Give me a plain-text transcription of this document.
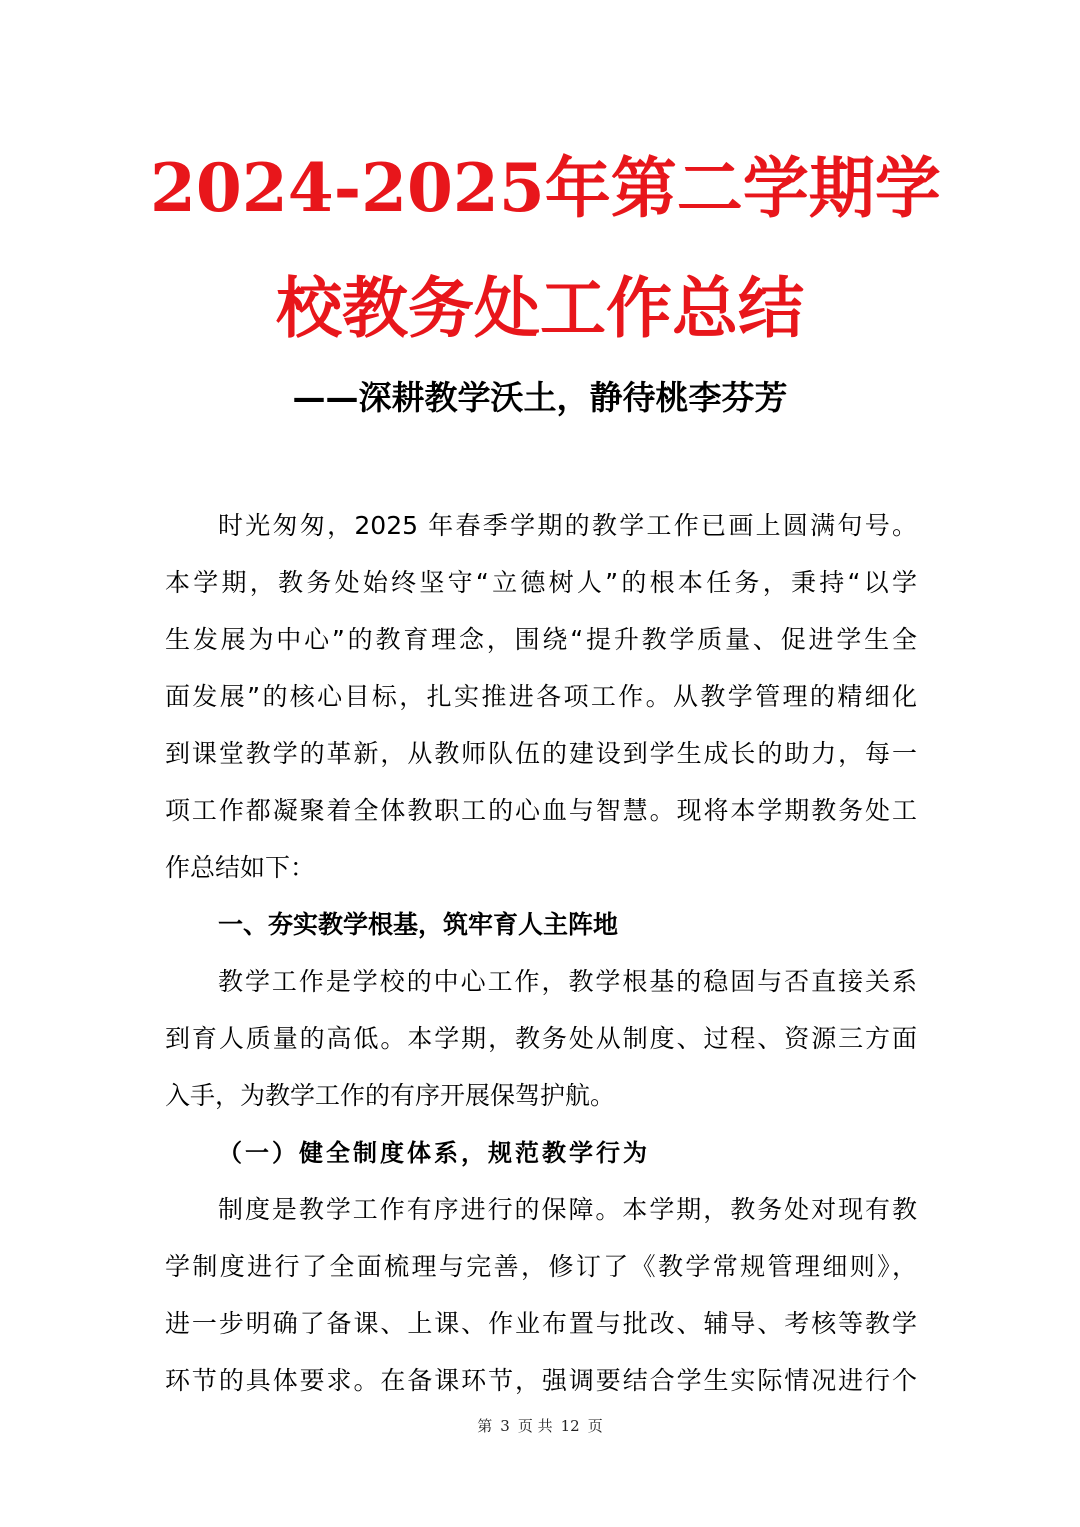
2024-2025年第二学期学
校教务处工作总结
——深耕教学沃土，静待桃李芬芳
时光匆匆，2025 年春季学期的教学工作已画上圆满句号。
本学期，教务处始终坚守“立德树人”的根本任务，秉持“以学
生发展为中心”的教育理念，围绕“提升教学质量、促进学生全
面发展”的核心目标，扎实推进各项工作。从教学管理的精细化
到课堂教学的革新，从教师队伍的建设到学生成长的助力，每一
项工作都凝聚着全体教职工的心血与智慧。现将本学期教务处工
作总结如下：
一、夯实教学根基，筑牢育人主阵地
教学工作是学校的中心工作，教学根基的稳固与否直接关系
到育人质量的高低。本学期，教务处从制度、过程、资源三方面
入手，为教学工作的有序开展保驾护航。
（一）健全制度体系，规范教学行为
制度是教学工作有序进行的保障。本学期，教务处对现有教
学制度进行了全面梳理与完善，修订了《教学常规管理细则》，
进一步明确了备课、上课、作业布置与批改、辅导、考核等教学
环节的具体要求。在备课环节，强调要结合学生实际情况进行个
第 3 页 共 12 页
